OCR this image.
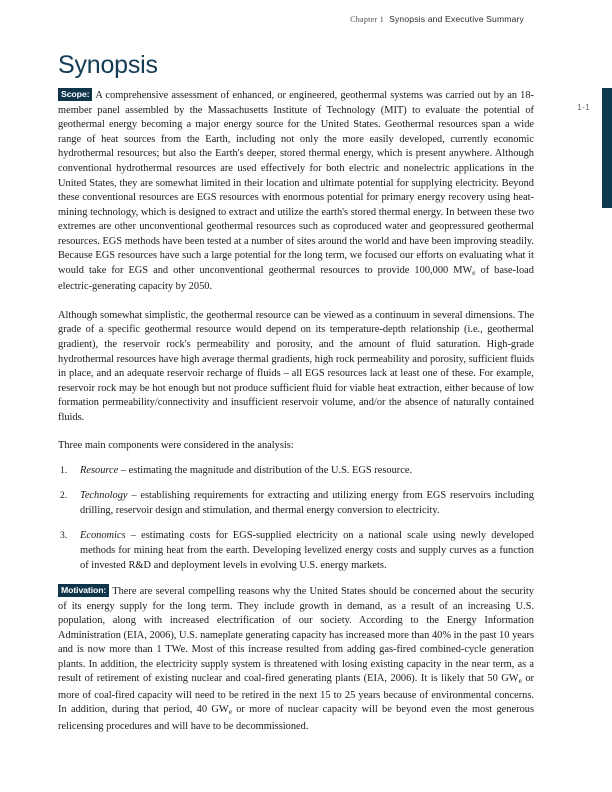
Chapter 1 Synopsis and Executive Summary
1-1
Synopsis

Scope: A comprehensive assessment of enhanced, or engineered, geothermal systems was carried out by an 18-member panel assembled by the Massachusetts Institute of Technology (MIT) to evaluate the potential of geothermal energy becoming a major energy source for the United States. Geothermal resources span a wide range of heat sources from the Earth, including not only the more easily developed, currently economic hydrothermal resources; but also the Earth's deeper, stored thermal energy, which is present anywhere. Although conventional hydrothermal resources are used effectively for both electric and nonelectric applications in the United States, they are somewhat limited in their location and ultimate potential for supplying electricity. Beyond these conventional resources are EGS resources with enormous potential for primary energy recovery using heat-mining technology, which is designed to extract and utilize the earth's stored thermal energy. In between these two extremes are other unconventional geothermal resources such as coproduced water and geopressured geothermal resources. EGS methods have been tested at a number of sites around the world and have been improving steadily. Because EGS resources have such a large potential for the long term, we focused our efforts on evaluating what it would take for EGS and other unconventional geothermal resources to provide 100,000 $MW_e$ of base-load electric-generating capacity by 2050.

Although somewhat simplistic, the geothermal resource can be viewed as a continuum in several dimensions. The grade of a specific geothermal resource would depend on its temperature-depth relationship (i.e., geothermal gradient), the reservoir rock's permeability and porosity, and the amount of fluid saturation. High-grade hydrothermal resources have high average thermal gradients, high rock permeability and porosity, sufficient fluids in place, and an adequate reservoir recharge of fluids – all EGS resources lack at least one of these. For example, reservoir rock may be hot enough but not produce sufficient fluid for viable heat extraction, either because of low formation permeability/connectivity and insufficient reservoir volume, and/or the absence of naturally contained fluids.

Three main components were considered in the analysis:

1. Resource – estimating the magnitude and distribution of the U.S. EGS resource.
2. Technology – establishing requirements for extracting and utilizing energy from EGS reservoirs including drilling, reservoir design and stimulation, and thermal energy conversion to electricity.
3. Economics – estimating costs for EGS-supplied electricity on a national scale using newly developed methods for mining heat from the earth. Developing levelized energy costs and supply curves as a function of invested R&D and deployment levels in evolving U.S. energy markets.

Motivation: There are several compelling reasons why the United States should be concerned about the security of its energy supply for the long term. They include growth in demand, as a result of an increasing U.S. population, along with increased electrification of our society. According to the Energy Information Administration (EIA, 2006), U.S. nameplate generating capacity has increased more than 40% in the past 10 years and is now more than 1 TWe. Most of this increase resulted from adding gas-fired combined-cycle generation plants. In addition, the electricity supply system is threatened with losing existing capacity in the near term, as a result of retirement of existing nuclear and coal-fired generating plants (EIA, 2006). It is likely that 50 $GW_e$ or more of coal-fired capacity will need to be retired in the next 15 to 25 years because of environmental concerns. In addition, during that period, 40 $GW_e$ or more of nuclear capacity will be beyond even the most generous relicensing procedures and will have to be decommissioned.
